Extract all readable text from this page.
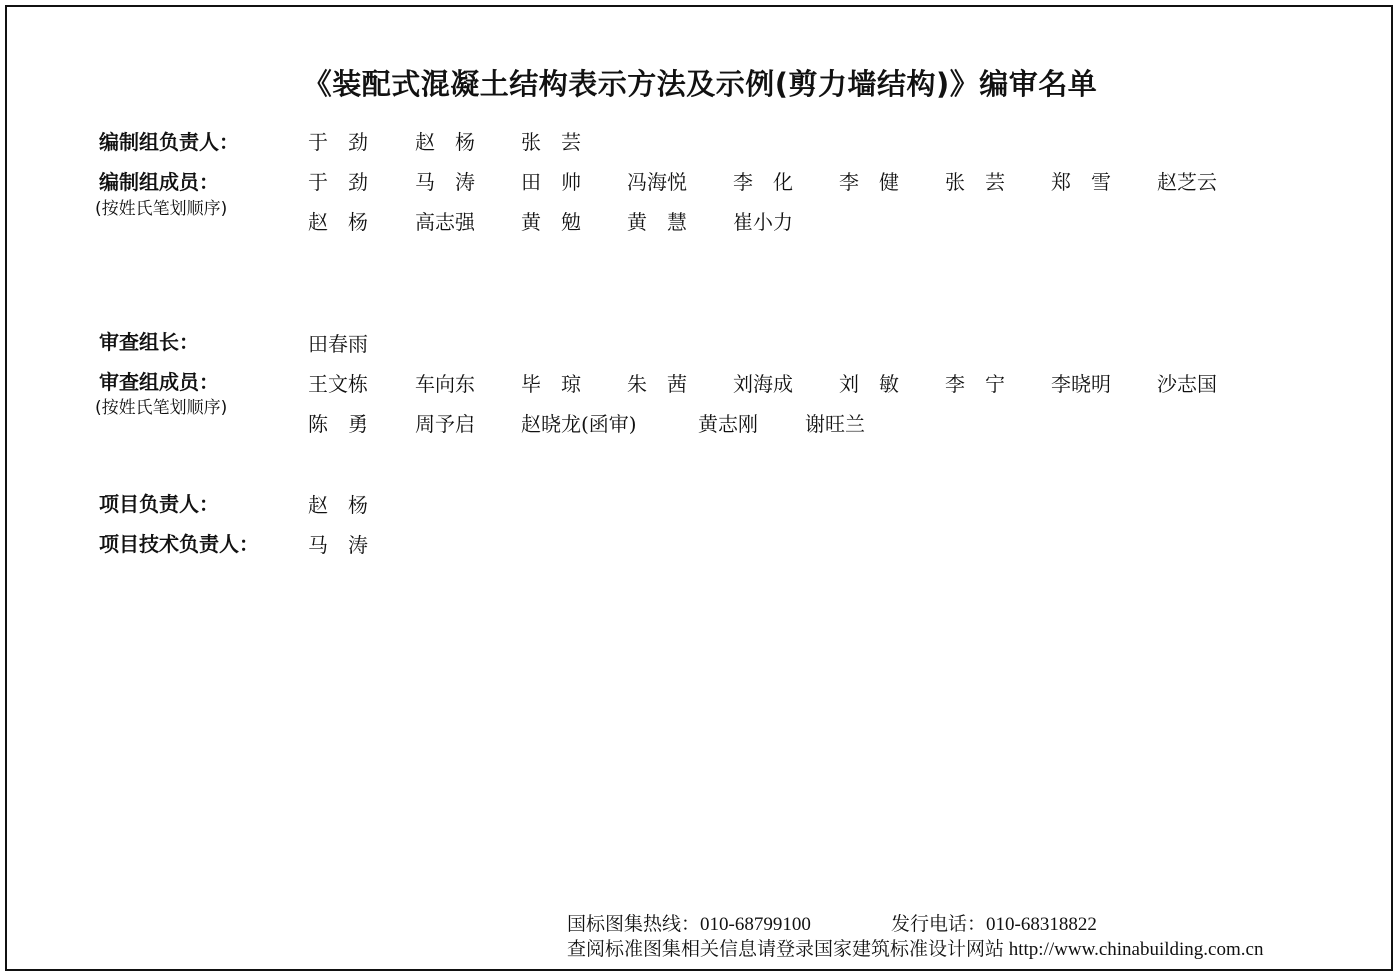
《装配式混凝土结构表示方法及示例(剪力墙结构)》编审名单
编制组负责人：	于　劲 赵　杨 张　芸
编制组成员：
(按姓氏笔划顺序)
于　劲 马　涛 田　帅 冯海悦 李　化 李　健 张　芸 郑　雪 赵芝云
赵　杨 高志强 黄　勉 黄　慧 崔小力
审查组长：	田春雨
审查组成员：
(按姓氏笔划顺序)
王文栋 车向东 毕　琼 朱　茜 刘海成 刘　敏 李　宁 李晓明 沙志国
陈　勇 周予启 赵晓龙(函审)	黄志刚 谢旺兰
项目负责人：	赵　杨
项目技术负责人： 马　涛
国标图集热线：010-68799100	发行电话：010-68318822
查阅标准图集相关信息请登录国家建筑标准设计网站 http://www.chinabuilding.com.cn
